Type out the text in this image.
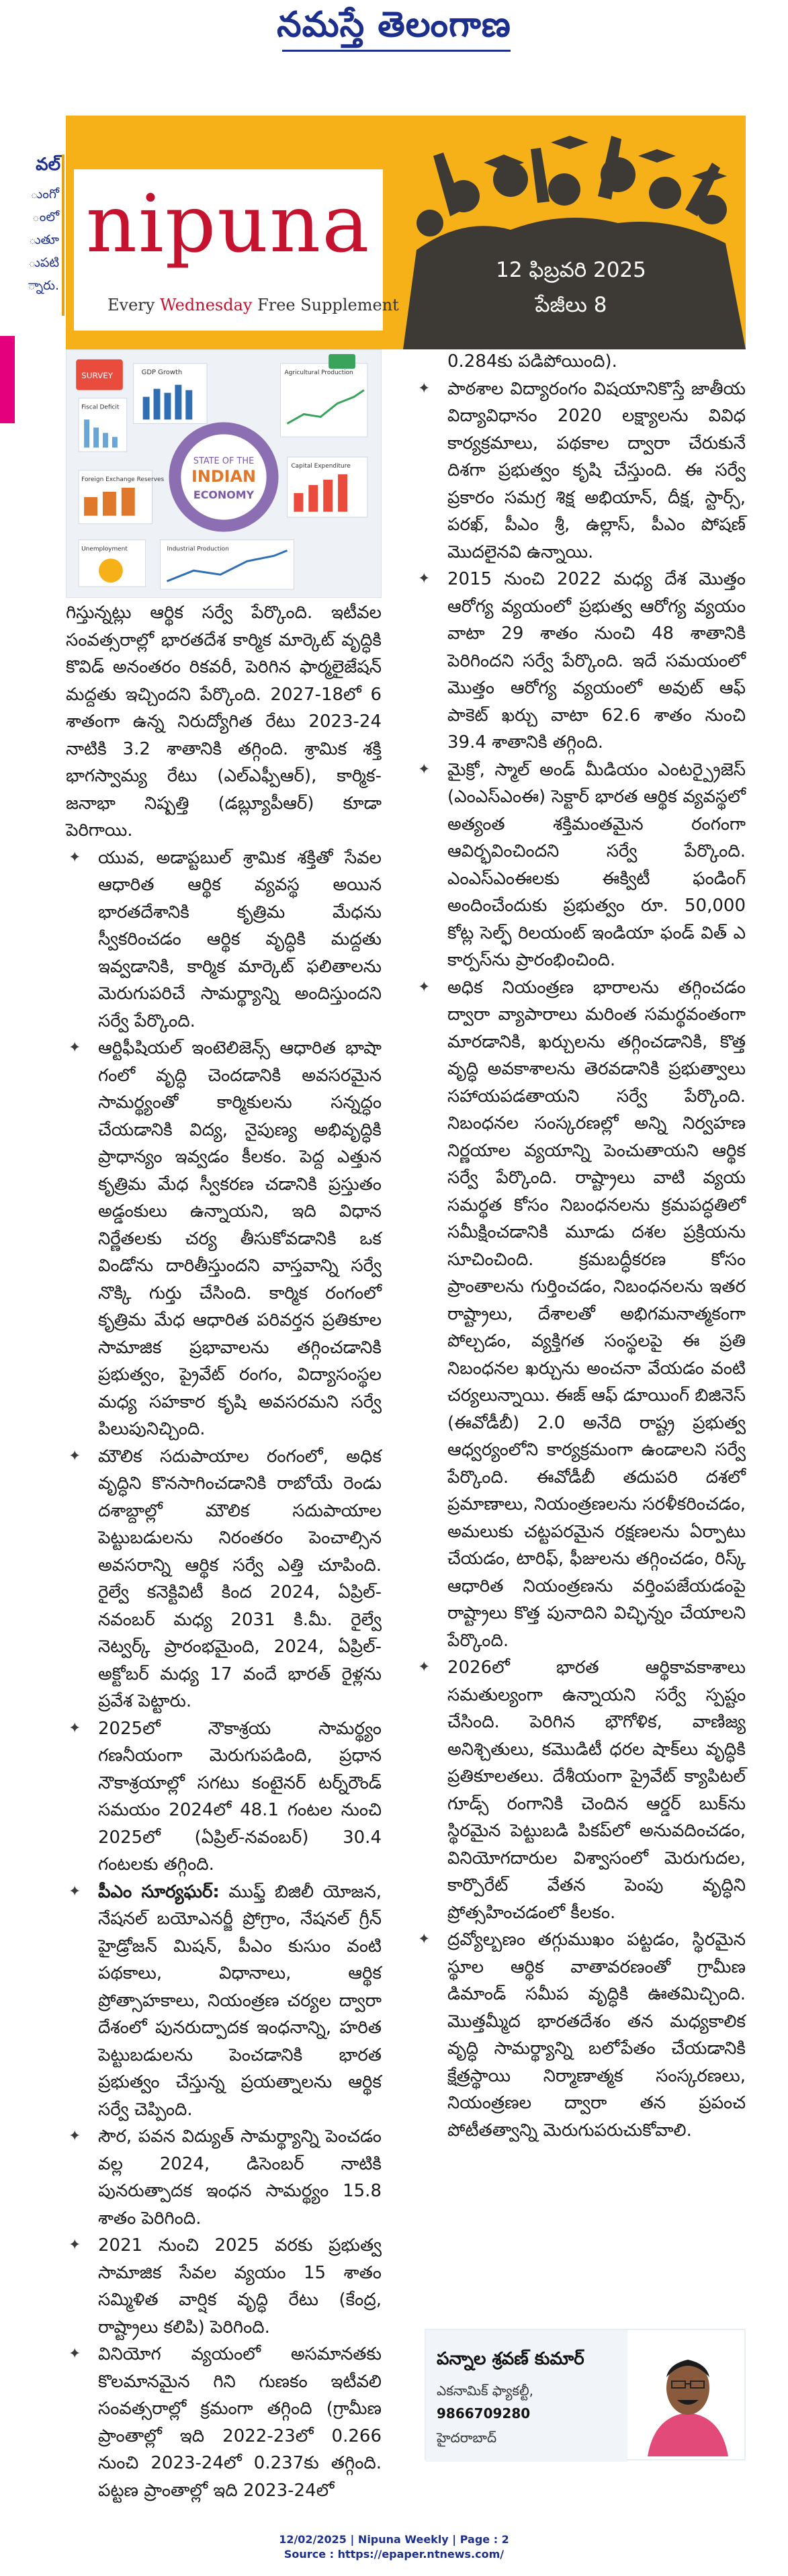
నమస్తే తెలంగాణ
వల్
ుంగో
ంలో
ుతూ
ుపటి
్నారు.
nipuna
Every Wednesday Free Supplement
12 ఫిబ్రవరి 2025
పేజీలు 8
SURVEY	GDP Growth
Fiscal Deficit
Agricultural Production
STATE OF THE
INDIAN
ECONOMY
Foreign Exchange Reserves
Capital Expenditure
Industrial Production
Unemployment

గిస్తున్నట్లు ఆర్థిక సర్వే పేర్కొంది. ఇటీవల సంవత్సరాల్లో భారతదేశ కార్మిక మార్కెట్ వృద్ధికి కొవిడ్ అనంతరం రికవరీ, పెరిగిన ఫార్మలైజేషన్ మద్దతు ఇచ్చిందని పేర్కొంది. 2027-18లో 6 శాతంగా ఉన్న నిరుద్యోగిత రేటు 2023-24 నాటికి 3.2 శాతానికి తగ్గింది. శ్రామిక శక్తి భాగస్వామ్య రేటు (ఎల్ఎఫ్పీఆర్), కార్మిక-జనాభా నిష్పత్తి (డబ్ల్యూపీఆర్) కూడా పెరిగాయి.

✦ యువ, అడాప్టబుల్ శ్రామిక శక్తితో సేవల ఆధారిత ఆర్థిక వ్యవస్థ అయిన భారతదేశానికి కృత్రిమ మేధను స్వీకరించడం ఆర్థిక వృద్ధికి మద్దతు ఇవ్వడానికి, కార్మిక మార్కెట్ ఫలితాలను మెరుగుపరిచే సామర్థ్యాన్ని అందిస్తుందని సర్వే పేర్కొంది.

✦ ఆర్టిఫీషియల్ ఇంటెలిజెన్స్ ఆధారిత భాషా గంలో వృద్ధి చెందడానికి అవసరమైన సామర్థ్యంతో కార్మికులను సన్నద్ధం చేయడానికి విద్య, నైపుణ్య అభివృద్ధికి ప్రాధాన్యం ఇవ్వడం కీలకం. పెద్ద ఎత్తున కృత్రిమ మేధ స్వీకరణ చడానికి ప్రస్తుతం అడ్డంకులు ఉన్నాయని, ఇది విధాన నిర్ణేతలకు చర్య తీసుకోవడానికి ఒక విండోను దారితీస్తుందని వాస్తవాన్ని సర్వే నొక్కి గుర్తు చేసింది. కార్మిక రంగంలో కృత్రిమ మేధ ఆధారిత పరివర్తన ప్రతికూల సామాజిక ప్రభావాలను తగ్గించడానికి ప్రభుత్వం, ప్రైవేట్ రంగం, విద్యాసంస్థల మధ్య సహకార కృషి అవసరమని సర్వే పిలుపునిచ్చింది.

✦ మౌలిక సదుపాయాల రంగంలో, అధిక వృద్ధిని కొనసాగించడానికి రాబోయే రెండు దశాబ్దాల్లో మౌలిక సదుపాయాల పెట్టుబడులను నిరంతరం పెంచాల్సిన అవసరాన్ని ఆర్థిక సర్వే ఎత్తి చూపింది. రైల్వే కనెక్టివిటీ కింద 2024, ఏప్రిల్-నవంబర్ మధ్య 2031 కి.మీ. రైల్వే నెట్వర్క్ ప్రారంభమైంది, 2024, ఏప్రిల్-అక్టోబర్ మధ్య 17 వందే భారత్ రైళ్లను ప్రవేశ పెట్టారు.

✦ 2025లో నౌకాశ్రయ సామర్థ్యం గణనీయంగా మెరుగుపడింది, ప్రధాన నౌకాశ్రయాల్లో సగటు కంటైనర్ టర్న్‌రౌండ్ సమయం 2024లో 48.1 గంటల నుంచి 2025లో (ఏప్రిల్-నవంబర్) 30.4 గంటలకు తగ్గింది.

✦ పీఎం సూర్యఘర్: ముఫ్త్ బిజిలీ యోజన, నేషనల్ బయోఎనర్జీ ప్రోగ్రాం, నేషనల్ గ్రీన్ హైడ్రోజన్ మిషన్, పీఎం కుసుం వంటి పథకాలు, విధానాలు, ఆర్థిక ప్రోత్సాహకాలు, నియంత్రణ చర్యల ద్వారా దేశంలో పునరుద్పాదక ఇంధనాన్ని, హరిత పెట్టుబడులను పెంచడానికి భారత ప్రభుత్వం చేస్తున్న ప్రయత్నాలను ఆర్థిక సర్వే చెప్పింది.

✦ సౌర, పవన విద్యుత్ సామర్థ్యాన్ని పెంచడం వల్ల 2024, డిసెంబర్ నాటికి పునరుత్పాదక ఇంధన సామర్థ్యం 15.8 శాతం పెరిగింది.

✦ 2021 నుంచి 2025 వరకు ప్రభుత్వ సామాజిక సేవల వ్యయం 15 శాతం సమ్మిళిత వార్షిక వృద్ధి రేటు (కేంద్ర, రాష్ట్రాలు కలిపి) పెరిగింది.

✦ వినియోగ వ్యయంలో అసమానతకు కొలమానమైన గిని గుణకం ఇటీవలి సంవత్సరాల్లో క్రమంగా తగ్గింది (గ్రామీణ ప్రాంతాల్లో ఇది 2022-23లో 0.266 నుంచి 2023-24లో 0.237కు తగ్గింది. పట్టణ ప్రాంతాల్లో ఇది 2023-24లో

0.284కు పడిపోయింది).

✦ పాఠశాల విద్యారంగం విషయానికొస్తే జాతీయ విద్యావిధానం 2020 లక్ష్యాలను వివిధ కార్యక్రమాలు, పథకాల ద్వారా చేరుకునే దిశగా ప్రభుత్వం కృషి చేస్తుంది. ఈ సర్వే ప్రకారం సమగ్ర శిక్ష అభియాన్, దీక్ష, స్టార్స్, పరఖ్, పీఎం శ్రీ, ఉల్లాస్, పీఎం పోషణ్ మొదలైనవి ఉన్నాయి.

✦ 2015 నుంచి 2022 మధ్య దేశ మొత్తం ఆరోగ్య వ్యయంలో ప్రభుత్వ ఆరోగ్య వ్యయం వాటా 29 శాతం నుంచి 48 శాతానికి పెరిగిందని సర్వే పేర్కొంది. ఇదే సమయంలో మొత్తం ఆరోగ్య వ్యయంలో అవుట్ ఆఫ్ పాకెట్ ఖర్చు వాటా 62.6 శాతం నుంచి 39.4 శాతానికి తగ్గింది.

✦ మైక్రో, స్మాల్ అండ్ మీడియం ఎంటర్ప్రైజెస్ (ఎంఎస్ఎంఈ) సెక్టార్ భారత ఆర్థిక వ్యవస్థలో అత్యంత శక్తిమంతమైన రంగంగా ఆవిర్భవించిందని సర్వే పేర్కొంది. ఎంఎస్ఎంఈలకు ఈక్విటీ ఫండింగ్ అందించేందుకు ప్రభుత్వం రూ. 50,000 కోట్ల సెల్ఫ్ రిలయంట్ ఇండియా ఫండ్ విత్ ఎ కార్పస్‌ను ప్రారంభించింది.

✦ అధిక నియంత్రణ భారాలను తగ్గించడం ద్వారా వ్యాపారాలు మరింత సమర్థవంతంగా మారడానికి, ఖర్చులను తగ్గించడానికి, కొత్త వృద్ధి అవకాశాలను తెరవడానికి ప్రభుత్వాలు సహాయపడతాయని సర్వే పేర్కొంది. నిబంధనల సంస్కరణల్లో అన్ని నిర్వహణ నిర్ణయాల వ్యయాన్ని పెంచుతాయని ఆర్థిక సర్వే పేర్కొంది. రాష్ట్రాలు వాటి వ్యయ సమర్థత కోసం నిబంధనలను క్రమపద్ధతిలో సమీక్షించడానికి మూడు దశల ప్రక్రియను సూచించింది. క్రమబద్ధీకరణ కోసం ప్రాంతాలను గుర్తించడం, నిబంధనలను ఇతర రాష్ట్రాలు, దేశాలతో అభిగమనాత్మకంగా పోల్చడం, వ్యక్తిగత సంస్థలపై ఈ ప్రతి నిబంధనల ఖర్చును అంచనా వేయడం వంటి చర్యలున్నాయి. ఈజ్ ఆఫ్ డూయింగ్ బిజినెస్ (ఈవోడీబీ) 2.0 అనేది రాష్ట్ర ప్రభుత్వ ఆధ్వర్యంలోని కార్యక్రమంగా ఉండాలని సర్వే పేర్కొంది. ఈవోడీబీ తదుపరి దశలో ప్రమాణాలు, నియంత్రణలను సరళీకరించడం, అమలుకు చట్టపరమైన రక్షణలను ఏర్పాటు చేయడం, టారిఫ్, ఫీజులను తగ్గించడం, రిస్క్ ఆధారిత నియంత్రణను వర్తింపజేయడంపై రాష్ట్రాలు కొత్త పునాదిని విచ్ఛిన్నం చేయాలని పేర్కొంది.

✦ 2026లో భారత ఆర్థికావకాశాలు సమతుల్యంగా ఉన్నాయని సర్వే స్పష్టం చేసింది. పెరిగిన భౌగోళిక, వాణిజ్య అనిశ్చితులు, కమొడిటీ ధరల షాక్‌లు వృద్ధికి ప్రతికూలతలు. దేశీయంగా ప్రైవేట్ క్యాపిటల్ గూడ్స్ రంగానికి చెందిన ఆర్డర్ బుక్‌ను స్థిరమైన పెట్టుబడి పికప్‌లో అనువదించడం, వినియోగదారుల విశ్వాసంలో మెరుగుదల, కార్పొరేట్ వేతన పెంపు వృద్ధిని ప్రోత్సహించడంలో కీలకం.

✦ ద్రవ్యోల్బణం తగ్గుముఖం పట్టడం, స్థిరమైన స్థూల ఆర్థిక వాతావరణంతో గ్రామీణ డిమాండ్ సమీప వృద్ధికి ఊతమిచ్చింది. మొత్తమ్మీద భారతదేశం తన మధ్యకాలిక వృద్ధి సామర్థ్యాన్ని బలోపేతం చేయడానికి క్షేత్రస్థాయి నిర్మాణాత్మక సంస్కరణలు, నియంత్రణల ద్వారా తన ప్రపంచ పోటీతత్వాన్ని మెరుగుపరుచుకోవాలి.

పన్నాల శ్రవణ్ కుమార్
ఎకనామిక్ ఫ్యాకల్టీ,
9866709280
హైదరాబాద్
12/02/2025 | Nipuna Weekly | Page : 2
Source : https://epaper.ntnews.com/
